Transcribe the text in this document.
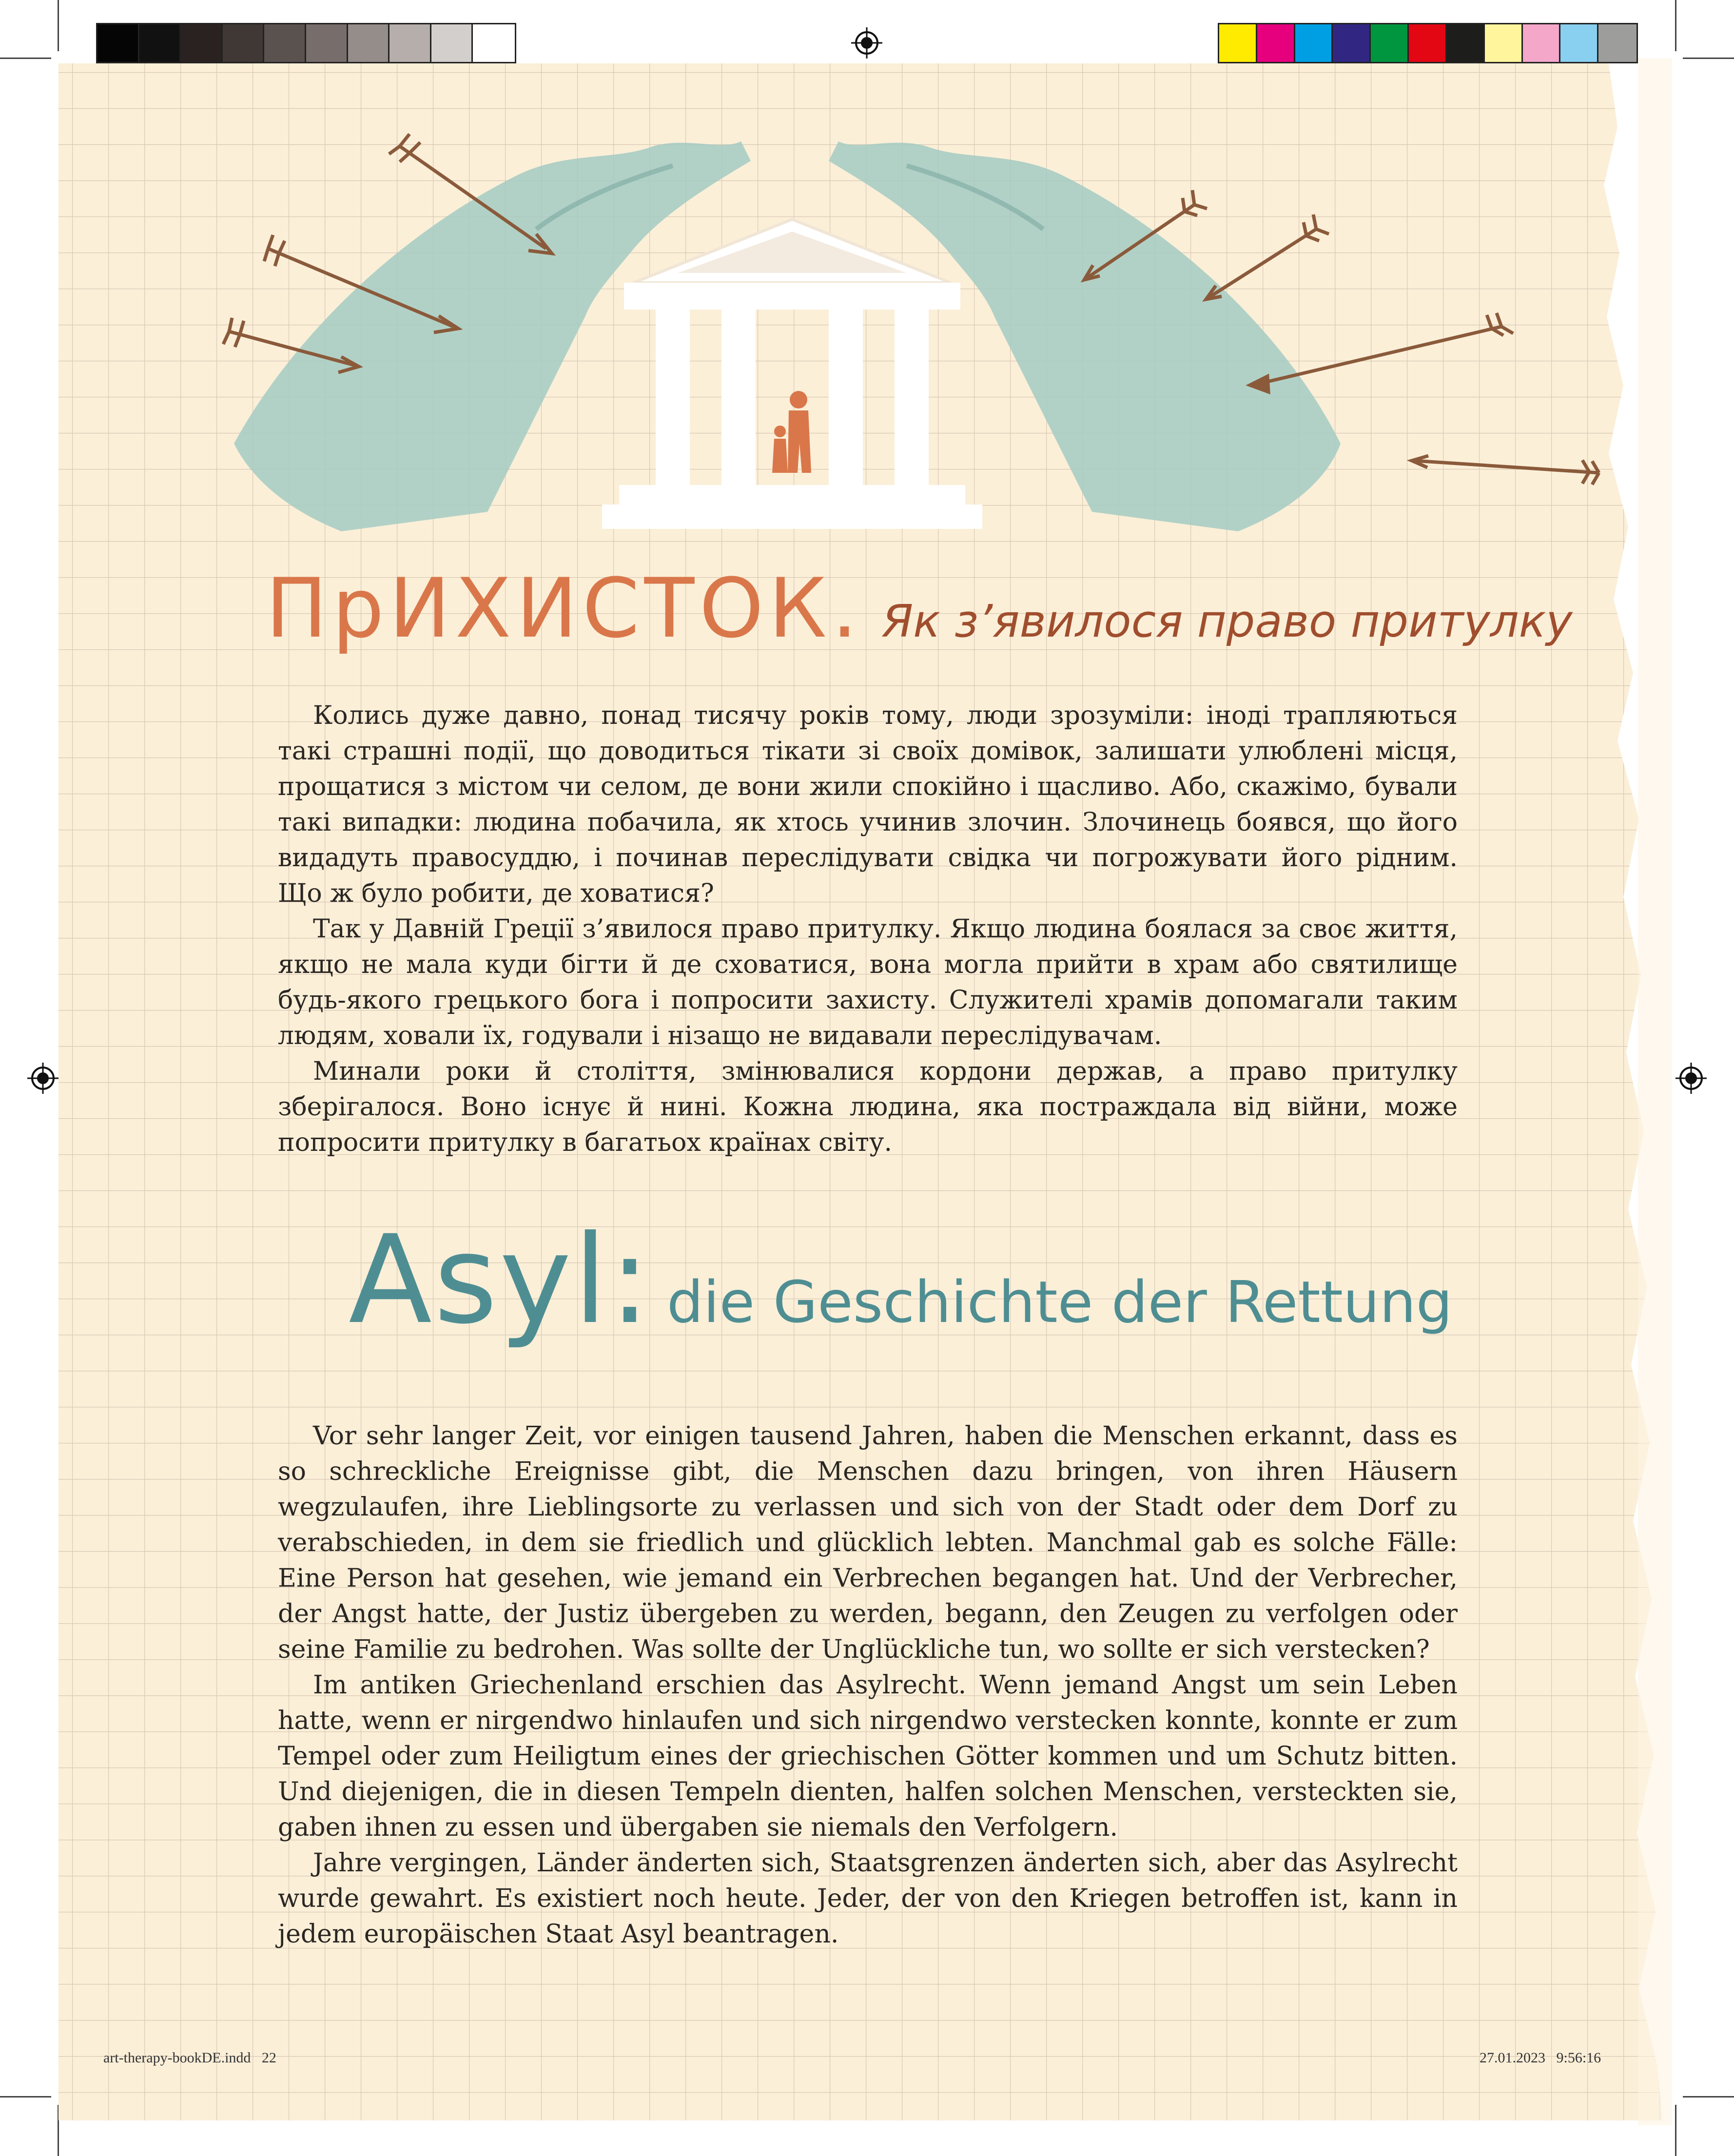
ПрИХИСТОК. Як з’явилося право притулку

Колись дуже давно, понад тисячу років тому, люди зрозуміли: іноді трапляються такі страшні події, що доводиться тікати зі своїх домівок, залишати улюблені місця, прощатися з містом чи селом, де вони жили спокійно і щасливо. Або, скажімо, бували такі випадки: людина побачила, як хтось учинив злочин. Злочинець боявся, що його видадуть правосуддю, і починав переслідувати свідка чи погрожувати його рідним. Що ж було робити, де ховатися?

Так у Давній Греції з’явилося право притулку. Якщо людина боялася за своє життя, якщо не мала куди бігти й де сховатися, вона могла прийти в храм або святилище будь-якого грецького бога і попросити захисту. Служителі храмів допомагали таким людям, ховали їх, годували і нізащо не видавали переслідувачам.

Минали роки й століття, змінювалися кордони держав, а право притулку зберігалося. Воно існує й нині. Кожна людина, яка постраждала від війни, може попросити притулку в багатьох країнах світу.

Asyl: die Geschichte der Rettung

Vor sehr langer Zeit, vor einigen tausend Jahren, haben die Menschen erkannt, dass es so schreckliche Ereignisse gibt, die Menschen dazu bringen, von ihren Häusern wegzulaufen, ihre Lieblingsorte zu verlassen und sich von der Stadt oder dem Dorf zu verabschieden, in dem sie friedlich und glücklich lebten. Manchmal gab es solche Fälle: Eine Person hat gesehen, wie jemand ein Verbrechen begangen hat. Und der Verbrecher, der Angst hatte, der Justiz übergeben zu werden, begann, den Zeugen zu verfolgen oder seine Familie zu bedrohen. Was sollte der Unglückliche tun, wo sollte er sich verstecken?

Im antiken Griechenland erschien das Asylrecht. Wenn jemand Angst um sein Leben hatte, wenn er nirgendwo hinlaufen und sich nirgendwo verstecken konnte, konnte er zum Tempel oder zum Heiligtum eines der griechischen Götter kommen und um Schutz bitten. Und diejenigen, die in diesen Tempeln dienten, halfen solchen Menschen, versteckten sie, gaben ihnen zu essen und übergaben sie niemals den Verfolgern.

Jahre vergingen, Länder änderten sich, Staatsgrenzen änderten sich, aber das Asylrecht wurde gewahrt. Es existiert noch heute. Jeder, der von den Kriegen betroffen ist, kann in jedem europäischen Staat Asyl beantragen.

art-therapy-bookDE.indd   22	27.01.2023   9:56:16
